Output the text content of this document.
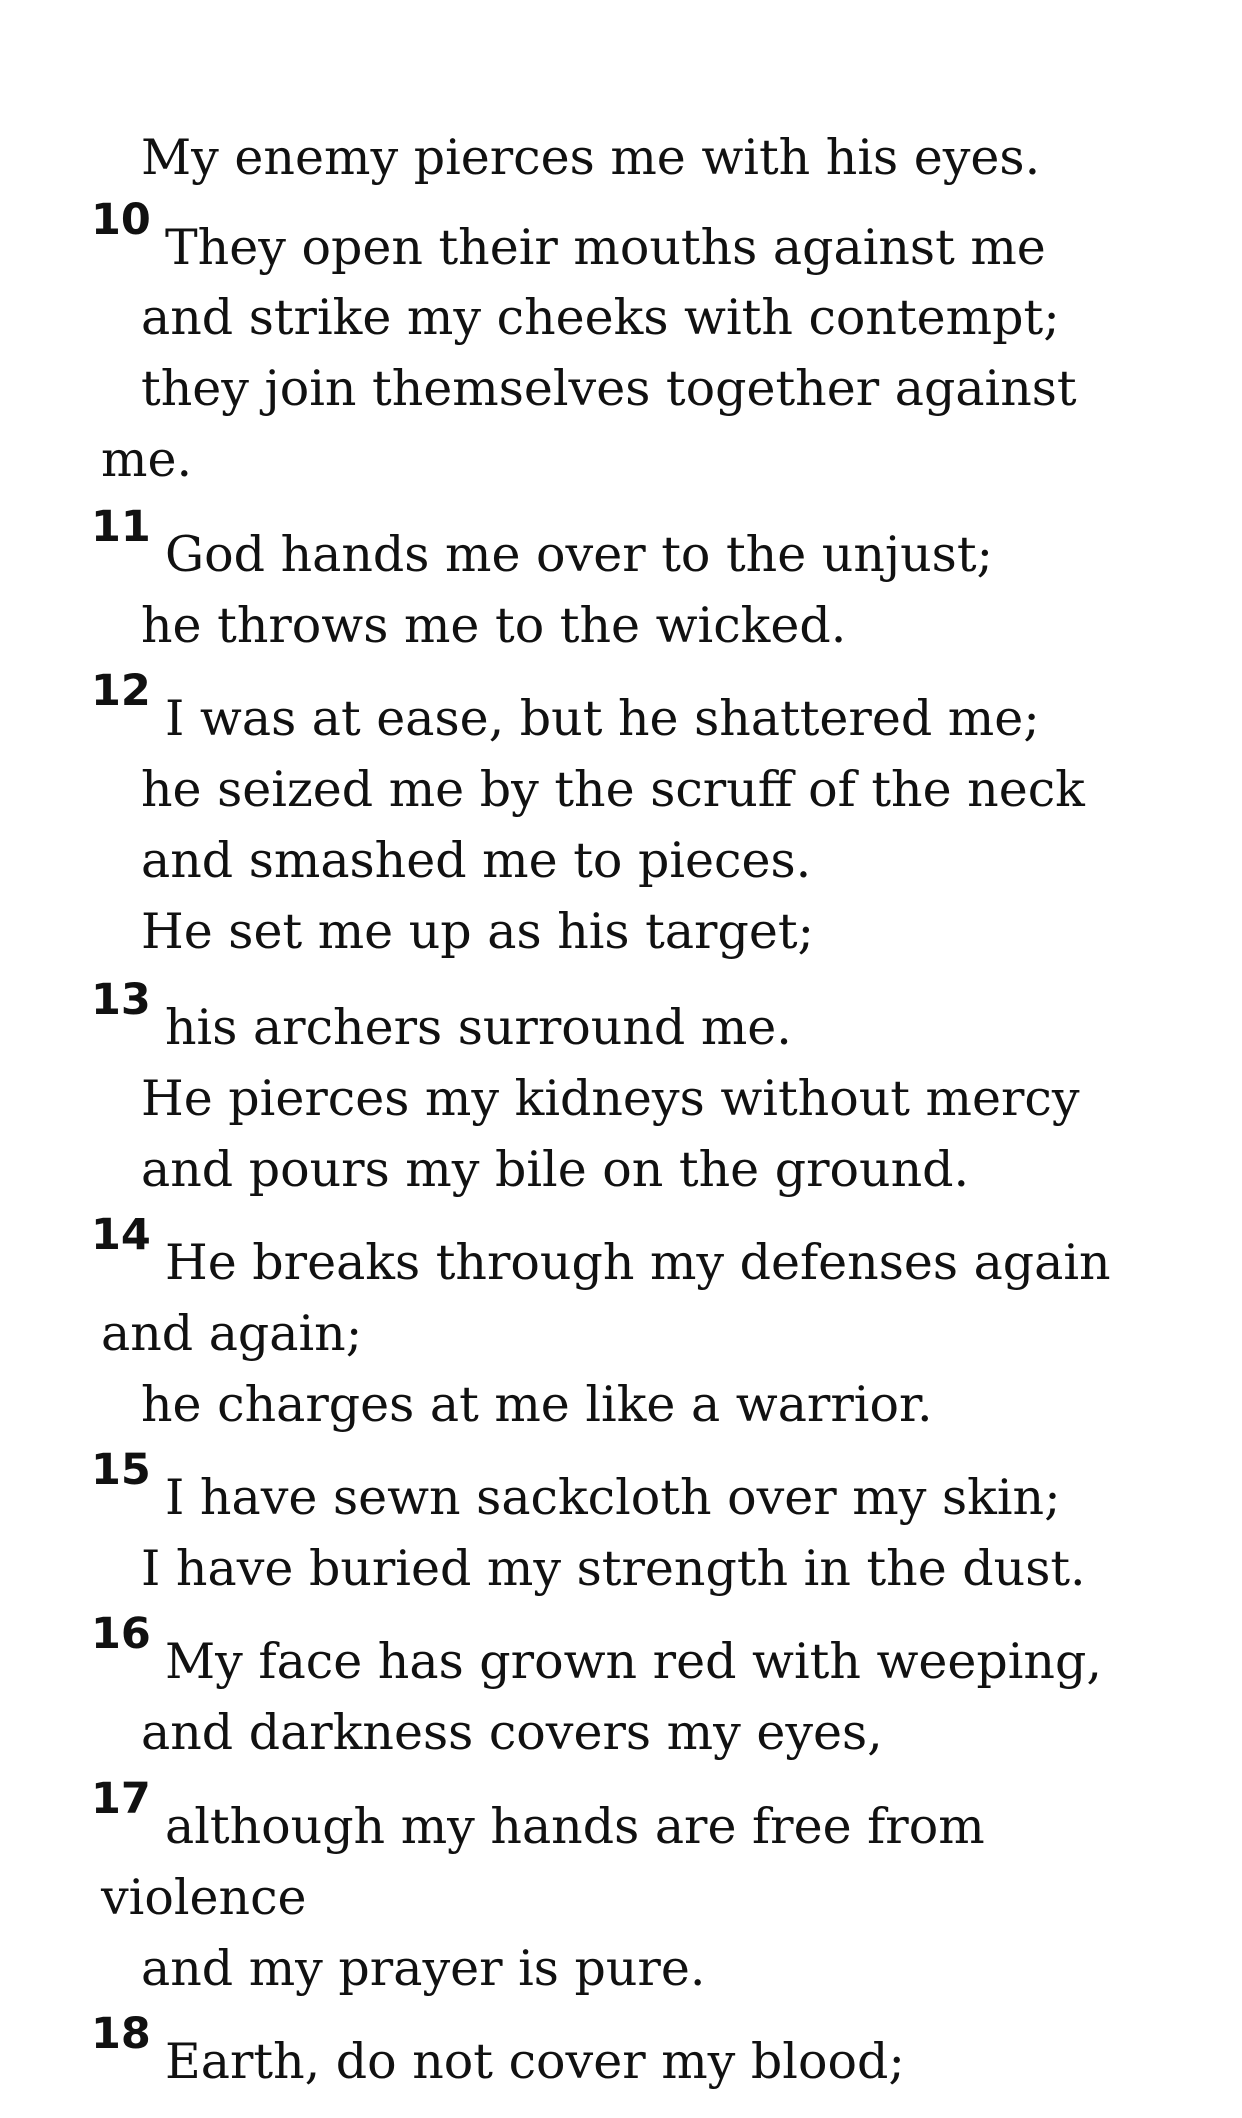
My enemy pierces me with his eyes.
10 They open their mouths against me
and strike my cheeks with contempt;
they join themselves together against
me.
11 God hands me over to the unjust;
he throws me to the wicked.
12 I was at ease, but he shattered me;
he seized me by the scruff of the neck
and smashed me to pieces.
He set me up as his target;
13 his archers surround me.
He pierces my kidneys without mercy
and pours my bile on the ground.
14 He breaks through my defenses again
and again;
he charges at me like a warrior.
15 I have sewn sackcloth over my skin;
I have buried my strength in the dust.
16 My face has grown red with weeping,
and darkness covers my eyes,
17 although my hands are free from
violence
and my prayer is pure.
18 Earth, do not cover my blood;
